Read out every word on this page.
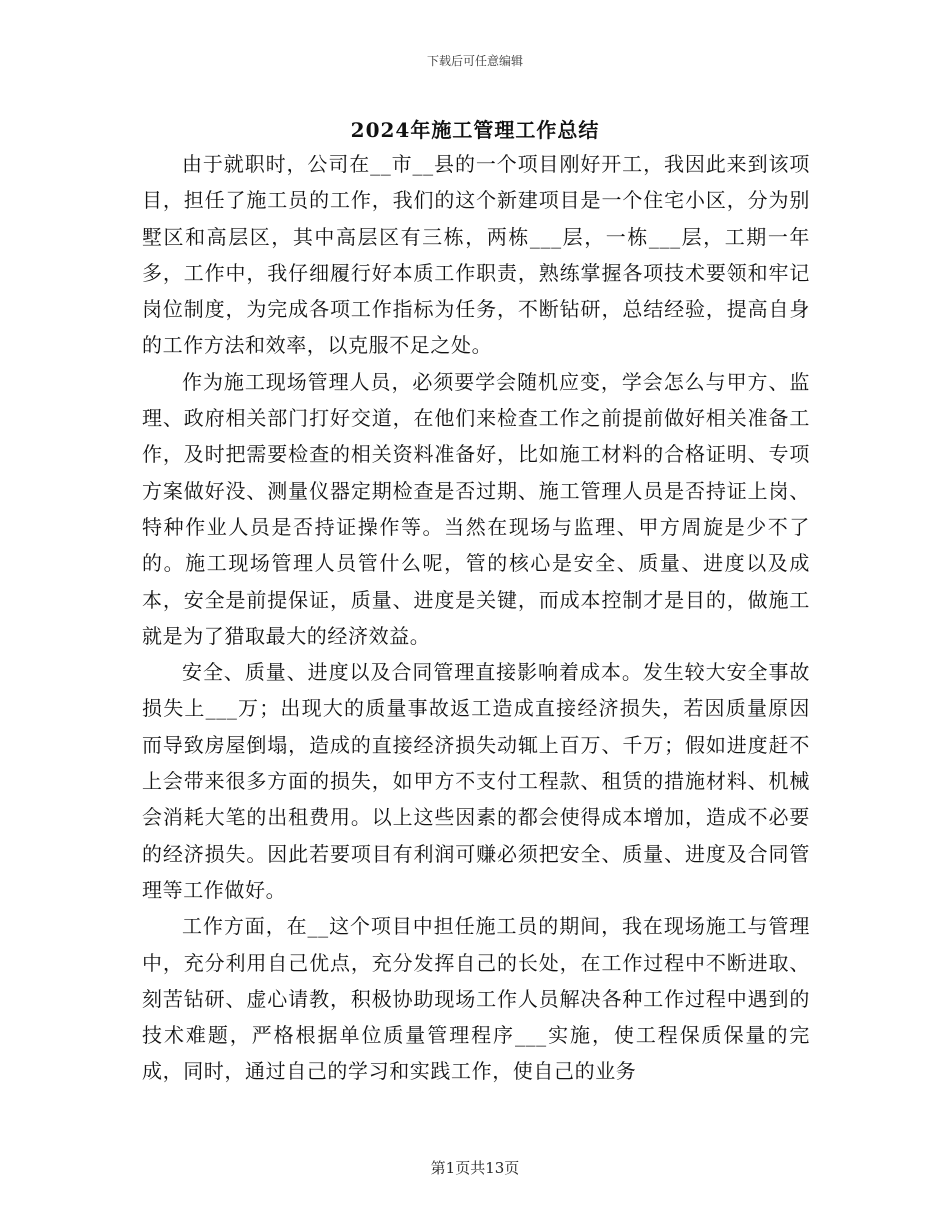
下载后可任意编辑
2024年施工管理工作总结

由于就职时，公司在__市__县的一个项目刚好开工，我因此来到该项目，担任了施工员的工作，我们的这个新建项目是一个住宅小区，分为别墅区和高层区，其中高层区有三栋，两栋___层，一栋___层，工期一年多，工作中，我仔细履行好本质工作职责，熟练掌握各项技术要领和牢记岗位制度，为完成各项工作指标为任务，不断钻研，总结经验，提高自身的工作方法和效率，以克服不足之处。

作为施工现场管理人员，必须要学会随机应变，学会怎么与甲方、监理、政府相关部门打好交道，在他们来检查工作之前提前做好相关准备工作，及时把需要检查的相关资料准备好，比如施工材料的合格证明、专项方案做好没、测量仪器定期检查是否过期、施工管理人员是否持证上岗、特种作业人员是否持证操作等。当然在现场与监理、甲方周旋是少不了的。施工现场管理人员管什么呢，管的核心是安全、质量、进度以及成本，安全是前提保证，质量、进度是关键，而成本控制才是目的，做施工就是为了猎取最大的经济效益。

安全、质量、进度以及合同管理直接影响着成本。发生较大安全事故损失上___万；出现大的质量事故返工造成直接经济损失，若因质量原因而导致房屋倒塌，造成的直接经济损失动辄上百万、千万；假如进度赶不上会带来很多方面的损失，如甲方不支付工程款、租赁的措施材料、机械会消耗大笔的出租费用。以上这些因素的都会使得成本增加，造成不必要的经济损失。因此若要项目有利润可赚必须把安全、质量、进度及合同管理等工作做好。

工作方面，在__这个项目中担任施工员的期间，我在现场施工与管理中，充分利用自己优点，充分发挥自己的长处，在工作过程中不断进取、刻苦钻研、虚心请教，积极协助现场工作人员解决各种工作过程中遇到的技术难题，严格根据单位质量管理程序___实施，使工程保质保量的完成，同时，通过自己的学习和实践工作，使自己的业务

第1页共13页
